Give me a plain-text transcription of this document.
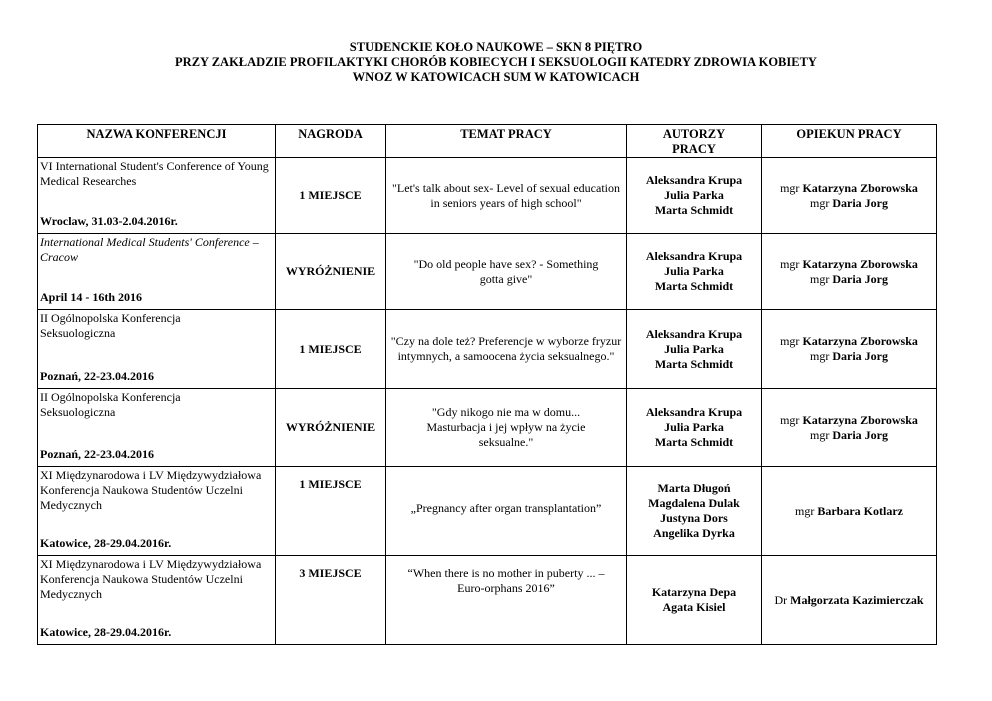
STUDENCKIE KOŁO NAUKOWE – SKN 8 PIĘTRO
PRZY ZAKŁADZIE PROFILAKTYKI CHORÓB KOBIECYCH I SEKSUOLOGII KATEDRY ZDROWIA KOBIETY
WNOZ W KATOWICACH SUM W KATOWICACH
NAZWA KONFERENCJI	NAGRODA	TEMAT PRACY	AUTORZY PRACY	OPIEKUN PRACY

VI International Student's Conference of Young Medical Researches
Wroclaw, 31.03-2.04.2016r.	1 MIEJSCE	"Let's talk about sex- Level of sexual education in seniors years of high school"	Aleksandra Krupa
Julia Parka
Marta Schmidt	mgr Katarzyna Zborowska
mgr Daria Jorg

International Medical Students' Conference – Cracow
April 14 - 16th 2016	WYRÓŻNIENIE	"Do old people have sex? - Something gotta give"	Aleksandra Krupa
Julia Parka
Marta Schmidt	mgr Katarzyna Zborowska
mgr Daria Jorg

II Ogólnopolska Konferencja Seksuologiczna
Poznań, 22-23.04.2016	1 MIEJSCE	"Czy na dole też? Preferencje w wyborze fryzur intymnych, a samoocena życia seksualnego."	Aleksandra Krupa
Julia Parka
Marta Schmidt	mgr Katarzyna Zborowska
mgr Daria Jorg

II Ogólnopolska Konferencja Seksuologiczna
Poznań, 22-23.04.2016	WYRÓŻNIENIE	"Gdy nikogo nie ma w domu... Masturbacja i jej wpływ na życie seksualne."	Aleksandra Krupa
Julia Parka
Marta Schmidt	mgr Katarzyna Zborowska
mgr Daria Jorg

XI Międzynarodowa i LV Międzywydziałowa Konferencja Naukowa Studentów Uczelni Medycznych
Katowice, 28-29.04.2016r.	1 MIEJSCE	„Pregnancy after organ transplantation”	Marta Długoń
Magdalena Dulak
Justyna Dors
Angelika Dyrka	mgr Barbara Kotlarz

XI Międzynarodowa i LV Międzywydziałowa Konferencja Naukowa Studentów Uczelni Medycznych
Katowice, 28-29.04.2016r.	3 MIEJSCE	“When there is no mother in puberty ... – Euro-orphans 2016”	Katarzyna Depa
Agata Kisiel	Dr Małgorzata Kazimierczak
